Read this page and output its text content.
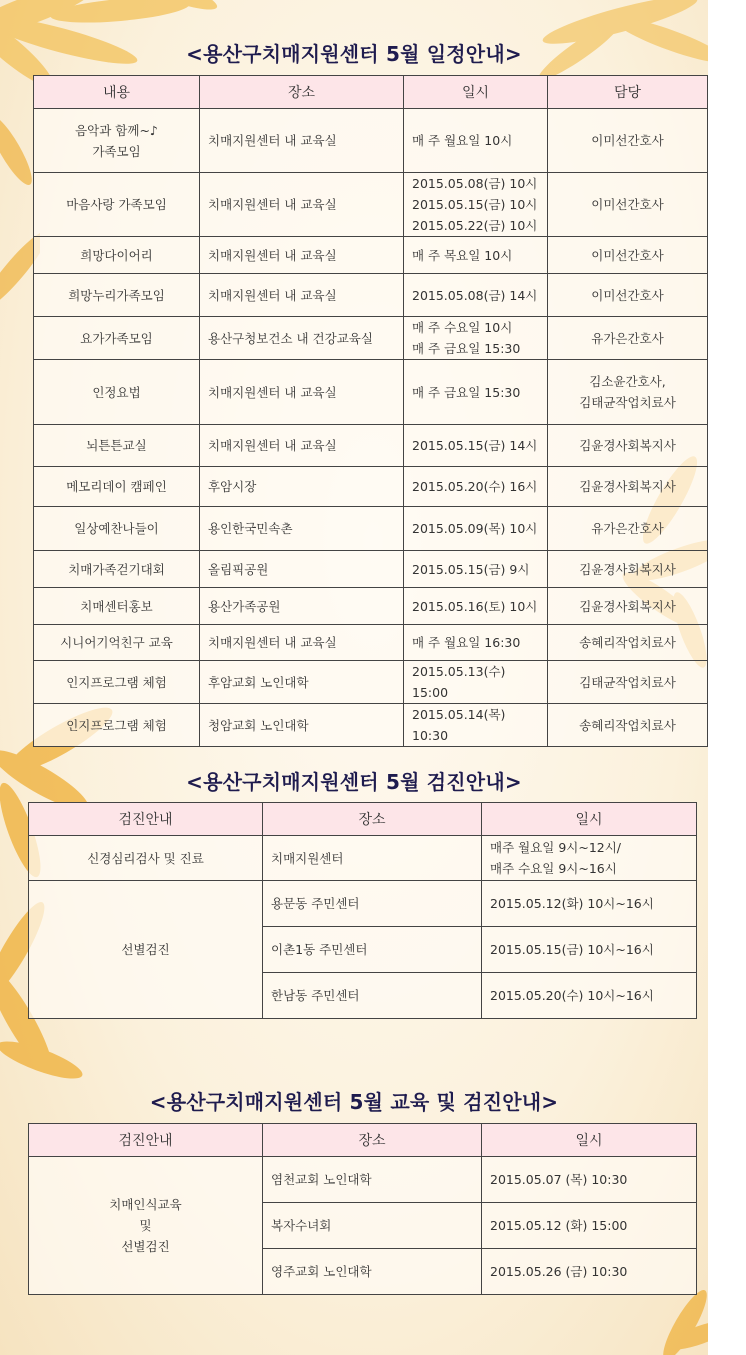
<용산구치매지원센터 5월 일정안내>
내용	장소	일시	담당

음악과 함께~♪
가족모임	치매지원센터 내 교육실	매 주 월요일 10시	이미선간호사

마음사랑 가족모임	치매지원센터 내 교육실	2015.05.08(금) 10시
2015.05.15(금) 10시
2015.05.22(금) 10시	이미선간호사

희망다이어리	치매지원센터 내 교육실	매 주 목요일 10시	이미선간호사

희망누리가족모임	치매지원센터 내 교육실	2015.05.08(금) 14시	이미선간호사

요가가족모임	용산구청보건소 내 건강교육실	매 주 수요일 10시
매 주 금요일 15:30	유가은간호사

인정요법	치매지원센터 내 교육실	매 주 금요일 15:30	김소윤간호사,
김태균작업치료사

뇌튼튼교실	치매지원센터 내 교육실	2015.05.15(금) 14시	김윤경사회복지사

메모리데이 캠페인	후암시장	2015.05.20(수) 16시	김윤경사회복지사

일상예찬나들이	용인한국민속촌	2015.05.09(목) 10시	유가은간호사

치매가족걷기대회	올림픽공원	2015.05.15(금) 9시	김윤경사회복지사

치매센터홍보	용산가족공원	2015.05.16(토) 10시	김윤경사회복지사

시니어기억친구 교육	치매지원센터 내 교육실	매 주 월요일 16:30	송혜리작업치료사

인지프로그램 체험	후암교회 노인대학	2015.05.13(수) 15:00	김태균작업치료사

인지프로그램 체험	청암교회 노인대학	2015.05.14(목) 10:30	송혜리작업치료사
<용산구치매지원센터 5월 검진안내>
검진안내	장소	일시
신경심리검사 및 진료	치매지원센터	매주 월요일 9시~12시/
매주 수요일 9시~16시

선별검진	용문동 주민센터	2015.05.12(화) 10시~16시
	이촌1동 주민센터	2015.05.15(금) 10시~16시
	한남동 주민센터	2015.05.20(수) 10시~16시
<용산구치매지원센터 5월 교육 및 검진안내>
검진안내	장소	일시

치매인식교육
및
선별검진	염천교회 노인대학	2015.05.07 (목) 10:30
	복자수녀회	2015.05.12 (화) 15:00
	영주교회 노인대학	2015.05.26 (금) 10:30
